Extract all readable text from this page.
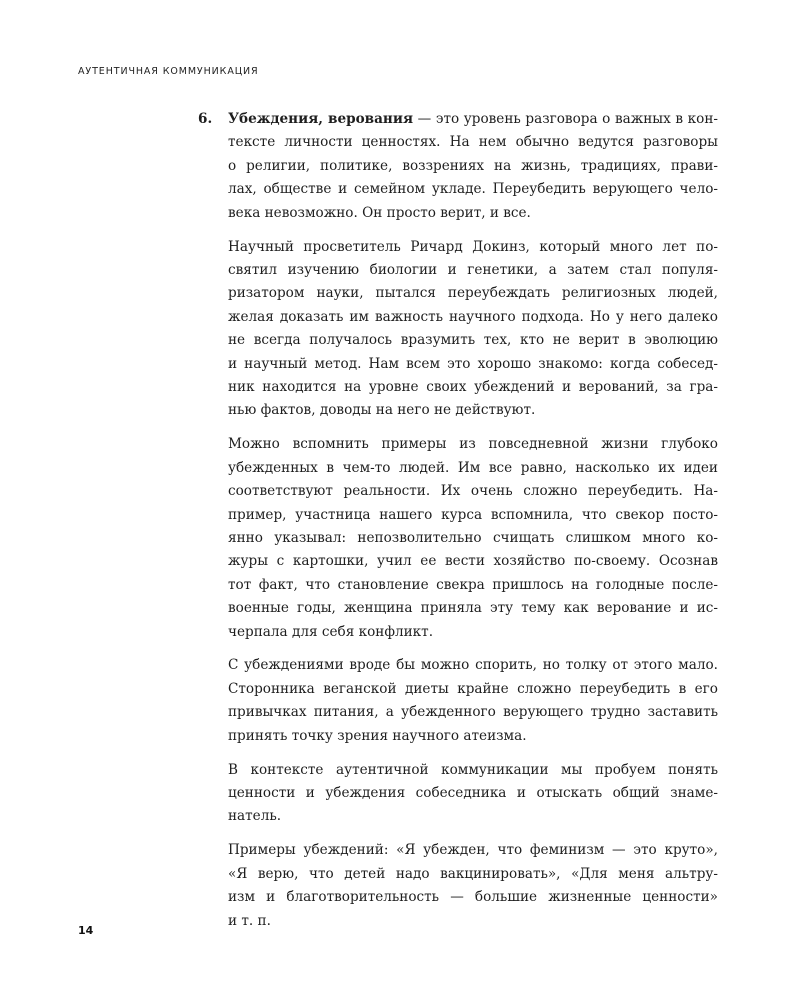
АУТЕНТИЧНАЯ КОММУНИКАЦИЯ
6. Убеждения, верования — это уровень разговора о важных в кон-
тексте личности ценностях. На нем обычно ведутся разговоры
о религии, политике, воззрениях на жизнь, традициях, прави-
лах, обществе и семейном укладе. Переубедить верующего чело-
века невозможно. Он просто верит, и все.
Научный просветитель Ричард Докинз, который много лет по-
святил изучению биологии и генетики, а затем стал популя-
ризатором науки, пытался переубеждать религиозных людей,
желая доказать им важность научного подхода. Но у него далеко
не всегда получалось вразумить тех, кто не верит в эволюцию
и научный метод. Нам всем это хорошо знакомо: когда собесед-
ник находится на уровне своих убеждений и верований, за гра-
нью фактов, доводы на него не действуют.
Можно вспомнить примеры из повседневной жизни глубоко
убежденных в чем-то людей. Им все равно, насколько их идеи
соответствуют реальности. Их очень сложно переубедить. На-
пример, участница нашего курса вспомнила, что свекор посто-
янно указывал: непозволительно счищать слишком много ко-
журы с картошки, учил ее вести хозяйство по-своему. Осознав
тот факт, что становление свекра пришлось на голодные после-
военные годы, женщина приняла эту тему как верование и ис-
черпала для себя конфликт.
С убеждениями вроде бы можно спорить, но толку от этого мало.
Сторонника веганской диеты крайне сложно переубедить в его
привычках питания, а убежденного верующего трудно заставить
принять точку зрения научного атеизма.
В контексте аутентичной коммуникации мы пробуем понять
ценности и убеждения собеседника и отыскать общий знаме-
натель.
Примеры убеждений: «Я убежден, что феминизм — это круто»,
«Я верю, что детей надо вакцинировать», «Для меня альтру-
изм и благотворительность — большие жизненные ценности»
и т. п.
14
